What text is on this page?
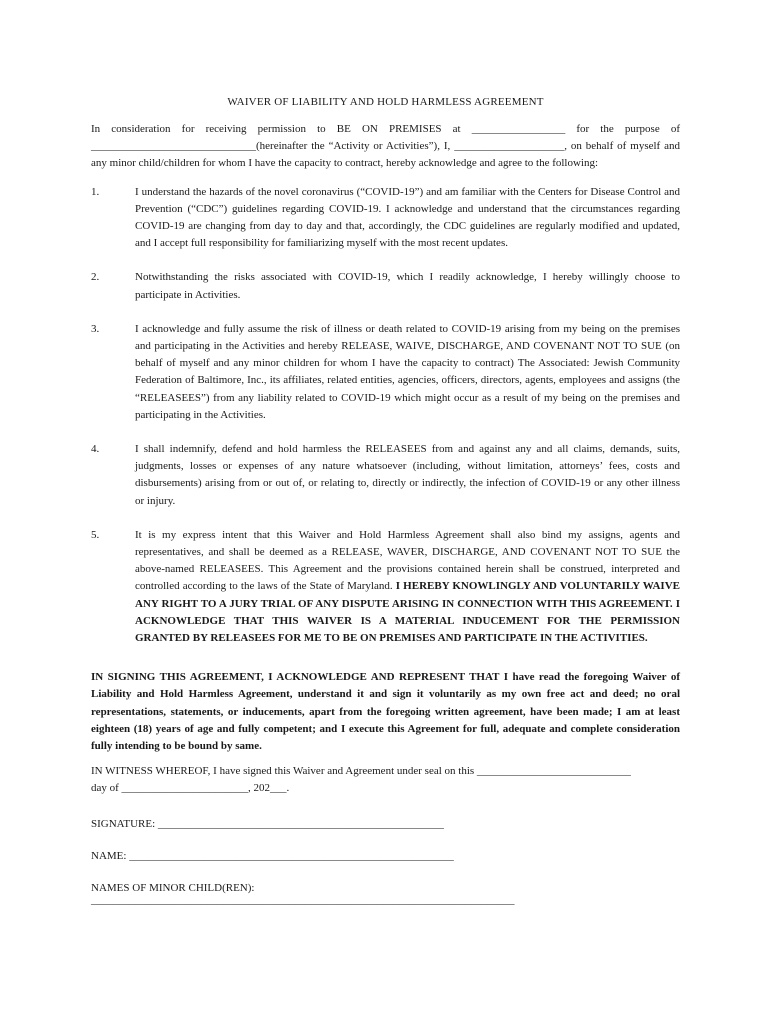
WAIVER OF LIABILITY AND HOLD HARMLESS AGREEMENT

In consideration for receiving permission to BE ON PREMISES at _________________ for the purpose of ______________________________(hereinafter the “Activity or Activities”), I, ____________________, on behalf of myself and any minor child/children for whom I have the capacity to contract, hereby acknowledge and agree to the following:

1.	I understand the hazards of the novel coronavirus (“COVID-19”) and am familiar with the Centers for Disease Control and Prevention (“CDC”) guidelines regarding COVID-19. I acknowledge and understand that the circumstances regarding COVID-19 are changing from day to day and that, accordingly, the CDC guidelines are regularly modified and updated, and I accept full responsibility for familiarizing myself with the most recent updates.
2.	Notwithstanding the risks associated with COVID-19, which I readily acknowledge, I hereby willingly choose to participate in Activities.
3.	I acknowledge and fully assume the risk of illness or death related to COVID-19 arising from my being on the premises and participating in the Activities and hereby RELEASE, WAIVE, DISCHARGE, AND COVENANT NOT TO SUE (on behalf of myself and any minor children for whom I have the capacity to contract) The Associated: Jewish Community Federation of Baltimore, Inc., its affiliates, related entities, agencies, officers, directors, agents, employees and assigns (the “RELEASEES”) from any liability related to COVID-19 which might occur as a result of my being on the premises and participating in the Activities.
4.	I shall indemnify, defend and hold harmless the RELEASEES from and against any and all claims, demands, suits, judgments, losses or expenses of any nature whatsoever (including, without limitation, attorneys’ fees, costs and disbursements) arising from or out of, or relating to, directly or indirectly, the infection of COVID-19 or any other illness or injury.
5.	It is my express intent that this Waiver and Hold Harmless Agreement shall also bind my assigns, agents and representatives, and shall be deemed as a RELEASE, WAVER, DISCHARGE, AND COVENANT NOT TO SUE the above-named RELEASEES. This Agreement and the provisions contained herein shall be construed, interpreted and controlled according to the laws of the State of Maryland. I HEREBY KNOWLINGLY AND VOLUNTARILY WAIVE ANY RIGHT TO A JURY TRIAL OF ANY DISPUTE ARISING IN CONNECTION WITH THIS AGREEMENT. I ACKNOWLEDGE THAT THIS WAIVER IS A MATERIAL INDUCEMENT FOR THE PERMISSION GRANTED BY RELEASEES FOR ME TO BE ON PREMISES AND PARTICIPATE IN THE ACTIVITIES.

IN SIGNING THIS AGREEMENT, I ACKNOWLEDGE AND REPRESENT THAT I have read the foregoing Waiver of Liability and Hold Harmless Agreement, understand it and sign it voluntarily as my own free act and deed; no oral representations, statements, or inducements, apart from the foregoing written agreement, have been made; I am at least eighteen (18) years of age and fully competent; and I execute this Agreement for full, adequate and complete consideration fully intending to be bound by same.

IN WITNESS WHEREOF, I have signed this Waiver and Agreement under seal on this ____________________________

day of _______________________, 202___.

SIGNATURE: ____________________________________________________

NAME: ___________________________________________________________

NAMES OF MINOR CHILD(REN): _____________________________________________________________________________
